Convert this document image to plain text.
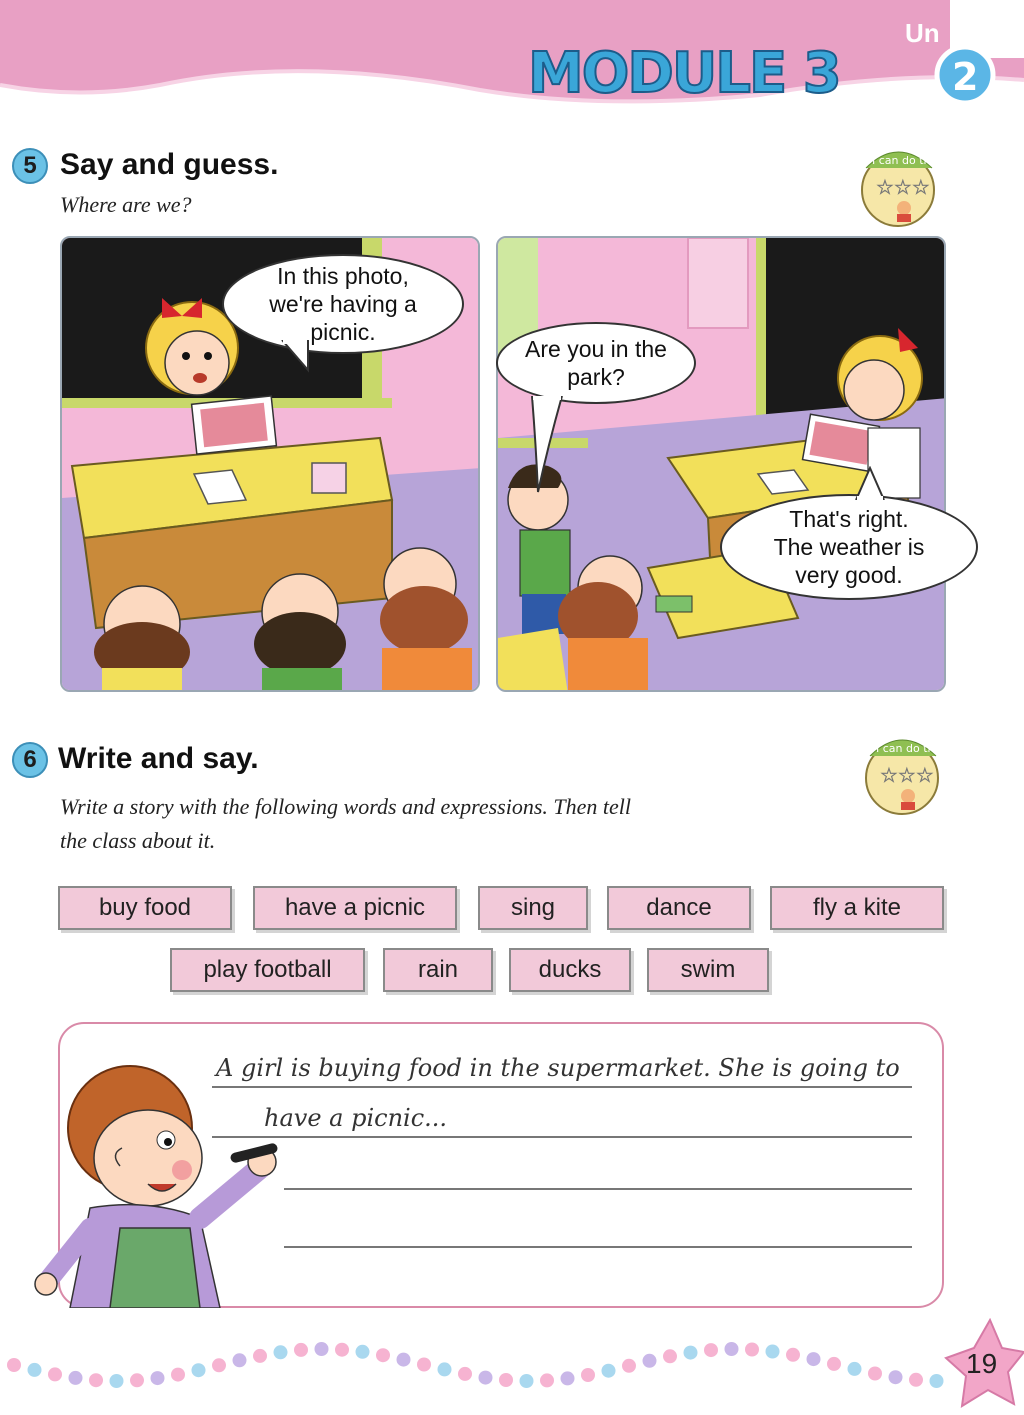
MODULE 3	2
Un
5 Say and guess.
Where are we?
I can do this
☆☆☆
In this photo,
we're having a
picnic.
Are you in the
park?
That's right.
The weather is
very good.
6 Write and say.
Write a story with the following words and expressions. Then tell
the class about it.
I can do this
☆☆☆
buy food	have a picnic	sing	dance	fly a kite
play football	rain	ducks	swim
A girl is buying food in the supermarket. She is going to
have a picnic...
19
